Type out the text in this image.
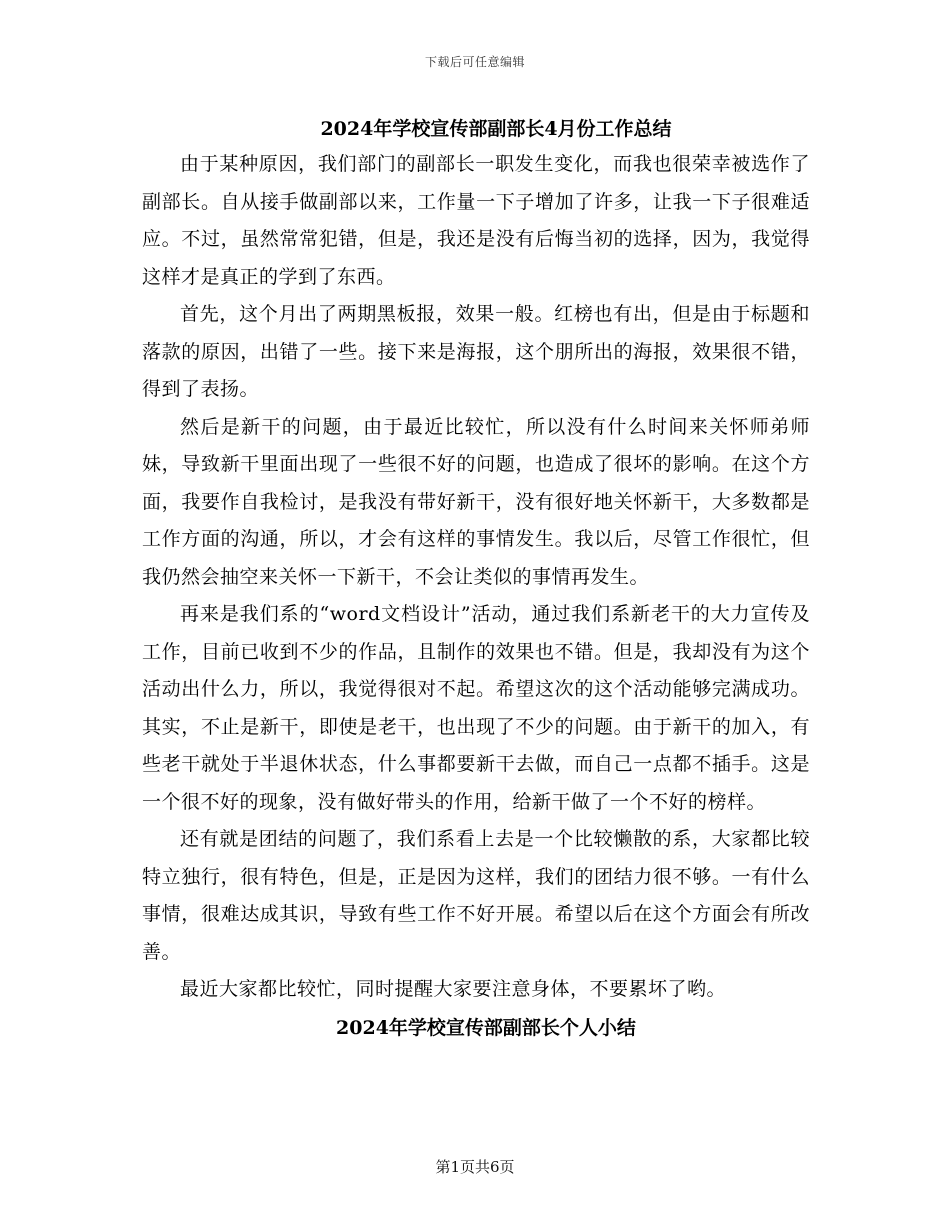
下载后可任意编辑
2024年学校宣传部副部长4月份工作总结

由于某种原因，我们部门的副部长一职发生变化，而我也很荣幸被选作了副部长。自从接手做副部以来，工作量一下子增加了许多，让我一下子很难适应。不过，虽然常常犯错，但是，我还是没有后悔当初的选择，因为，我觉得这样才是真正的学到了东西。

首先，这个月出了两期黑板报，效果一般。红榜也有出，但是由于标题和落款的原因，出错了一些。接下来是海报，这个朋所出的海报，效果很不错，得到了表扬。

然后是新干的问题，由于最近比较忙，所以没有什么时间来关怀师弟师妹，导致新干里面出现了一些很不好的问题，也造成了很坏的影响。在这个方面，我要作自我检讨，是我没有带好新干，没有很好地关怀新干，大多数都是工作方面的沟通，所以，才会有这样的事情发生。我以后，尽管工作很忙，但我仍然会抽空来关怀一下新干，不会让类似的事情再发生。

再来是我们系的“word文档设计”活动，通过我们系新老干的大力宣传及工作，目前已收到不少的作品，且制作的效果也不错。但是，我却没有为这个活动出什么力，所以，我觉得很对不起。希望这次的这个活动能够完满成功。其实，不止是新干，即使是老干，也出现了不少的问题。由于新干的加入，有些老干就处于半退休状态，什么事都要新干去做，而自己一点都不插手。这是一个很不好的现象，没有做好带头的作用，给新干做了一个不好的榜样。

还有就是团结的问题了，我们系看上去是一个比较懒散的系，大家都比较特立独行，很有特色，但是，正是因为这样，我们的团结力很不够。一有什么事情，很难达成其识，导致有些工作不好开展。希望以后在这个方面会有所改善。

最近大家都比较忙，同时提醒大家要注意身体，不要累坏了哟。

2024年学校宣传部副部长个人小结
第1页共6页
